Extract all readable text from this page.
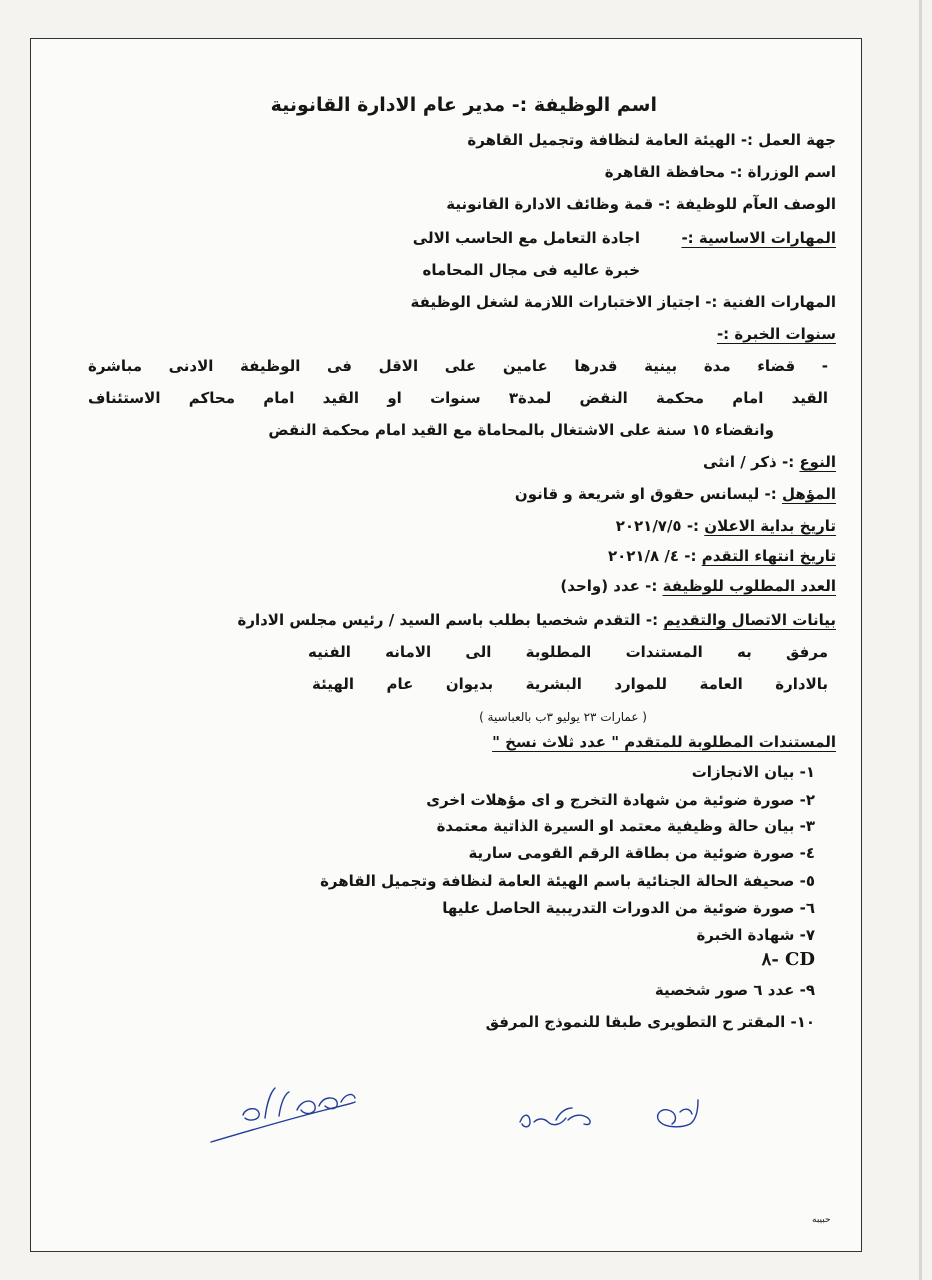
اسم الوظيفة :- مدير عام الادارة القانونية
جهة العمل :- الهيئة العامة لنظافة وتجميل القاهرة
اسم الوزراة :- محافظة القاهرة
الوصف العآم للوظيفة :- قمة وظائف الادارة القانونية
المهارات الاساسية :-
اجادة التعامل مع الحاسب الالى
خبرة عاليه فى مجال المحاماه
المهارات الفنية :- اجتياز الاختبارات اللازمة لشغل الوظيفة
سنوات الخبرة :-
- قضاء مدة بينية قدرها عامين على الاقل فى الوظيفة الادنى مباشرة
القيد امام محكمة النقض لمدة٣ سنوات او القيد امام محاكم الاستئناف
وانقضاء ١٥ سنة على الاشتغال بالمحاماة مع القيد امام محكمة النقض
النوع :- ذكر / انثى
المؤهل :- ليسانس حقوق او شريعة و قانون
تاريخ بداية الاعلان :- ٢٠٢١/٧/٥
تاريخ انتهاء التقدم :- ٤/ ٢٠٢١/٨
العدد المطلوب للوظيفة :- عدد (واحد)
بيانات الاتصال والتقديم :- التقدم شخصيا بطلب باسم السيد / رئيس مجلس الادارة
مرفق به المستندات المطلوبة الى الامانه الفنيه
بالادارة العامة للموارد البشرية بديوان عام الهيئة
( عمارات ٢٣ يوليو ٣ب بالعباسية )
المستندات المطلوبة للمتقدم " عدد ثلاث نسخ "
١- بيان الانجازات
٢- صورة ضوئية من شهادة التخرج و اى مؤهلات اخرى
٣- بيان حالة وظيفية معتمد او السيرة الذاتية معتمدة
٤- صورة ضوئية من بطاقة الرقم القومى سارية
٥- صحيفة الحالة الجنائية باسم الهيئة العامة لنظافة وتجميل القاهرة
٦- صورة ضوئية من الدورات التدريبية الحاصل عليها
٧- شهادة الخبرة
٨- CD
٩- عدد ٦ صور شخصية
١٠- المقتر ح التطويرى طبقا للنموذج المرفق
حبيبه
